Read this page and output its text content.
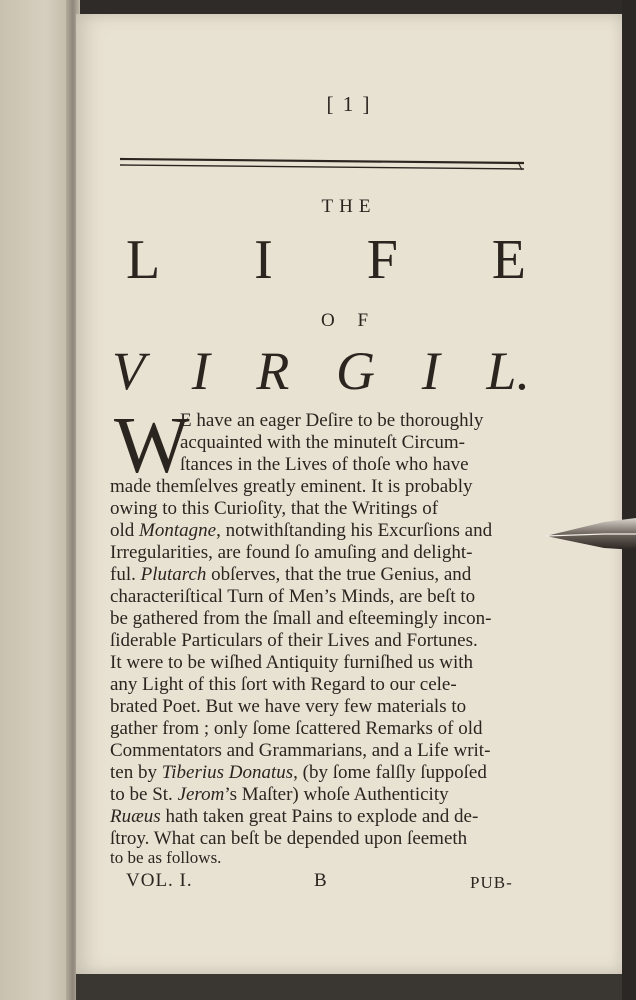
[ 1 ]
THE
L I F E
O F
V I R G I L.
W
E have an eager Deſire to be thoroughly
acquainted with the minuteſt Circum-
ſtances in the Lives of thoſe who have
made themſelves greatly eminent. It is probably
owing to this Curioſity, that the Writings of
old Montagne, notwithſtanding his Excurſions and
Irregularities, are found ſo amuſing and delight-
ful. Plutarch obſerves, that the true Genius, and
characteriſtical Turn of Men’s Minds, are beſt to
be gathered from the ſmall and eſteemingly incon-
ſiderable Particulars of their Lives and Fortunes.
It were to be wiſhed Antiquity furniſhed us with
any Light of this ſort with Regard to our cele-
brated Poet. But we have very few materials to
gather from ; only ſome ſcattered Remarks of old
Commentators and Grammarians, and a Life writ-
ten by Tiberius Donatus, (by ſome falſly ſuppoſed
to be St. Jerom’s Maſter) whoſe Authenticity
Ruæus hath taken great Pains to explode and de-
ſtroy. What can beſt be depended upon ſeemeth
to be as follows.
VOL. I.	B	PUB-
